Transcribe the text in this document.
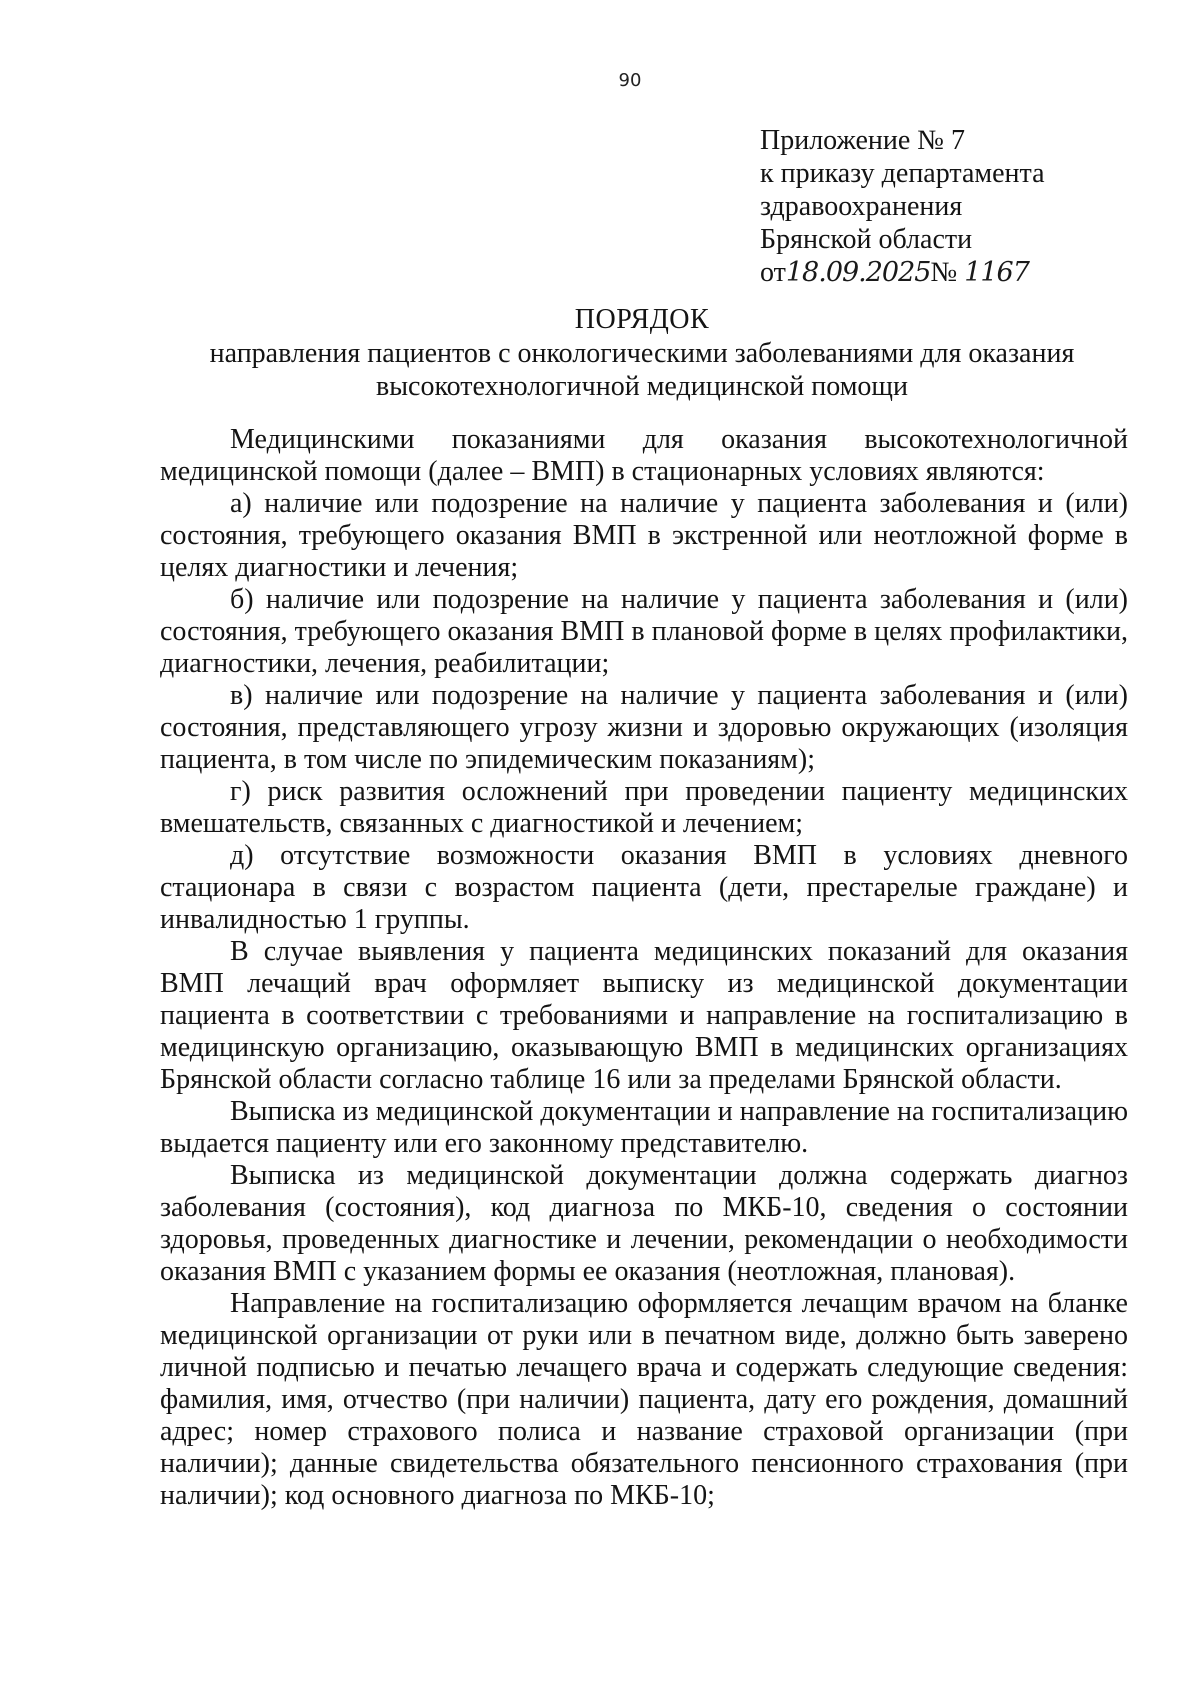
90
Приложение № 7
к приказу департамента
здравоохранения
Брянской области
от18.09.2025№ 1167
ПОРЯДОК
направления пациентов с онкологическими заболеваниями для оказания
высокотехнологичной медицинской помощи

Медицинскими показаниями для оказания высокотехнологичной медицинской помощи (далее – ВМП) в стационарных условиях являются:

а) наличие или подозрение на наличие у пациента заболевания и (или) состояния, требующего оказания ВМП в экстренной или неотложной форме в целях диагностики и лечения;

б) наличие или подозрение на наличие у пациента заболевания и (или) состояния, требующего оказания ВМП в плановой форме в целях профилактики, диагностики, лечения, реабилитации;

в) наличие или подозрение на наличие у пациента заболевания и (или) состояния, представляющего угрозу жизни и здоровью окружающих (изоляция пациента, в том числе по эпидемическим показаниям);

г) риск развития осложнений при проведении пациенту медицинских вмешательств, связанных с диагностикой и лечением;

д) отсутствие возможности оказания ВМП в условиях дневного стационара в связи с возрастом пациента (дети, престарелые граждане) и инвалидностью 1 группы.

В случае выявления у пациента медицинских показаний для оказания ВМП лечащий врач оформляет выписку из медицинской документации пациента в соответствии с требованиями и направление на госпитализацию в медицинскую организацию, оказывающую ВМП в медицинских организациях Брянской области согласно таблице 16 или за пределами Брянской области.

Выписка из медицинской документации и направление на госпитализацию выдается пациенту или его законному представителю.

Выписка из медицинской документации должна содержать диагноз заболевания (состояния), код диагноза по МКБ-10, сведения о состоянии здоровья, проведенных диагностике и лечении, рекомендации о необходимости оказания ВМП с указанием формы ее оказания (неотложная, плановая).

Направление на госпитализацию оформляется лечащим врачом на бланке медицинской организации от руки или в печатном виде, должно быть заверено личной подписью и печатью лечащего врача и содержать следующие сведения: фамилия, имя, отчество (при наличии) пациента, дату его рождения, домашний адрес; номер страхового полиса и название страховой организации (при наличии); данные свидетельства обязательного пенсионного страхования (при наличии); код основного диагноза по МКБ-10;
